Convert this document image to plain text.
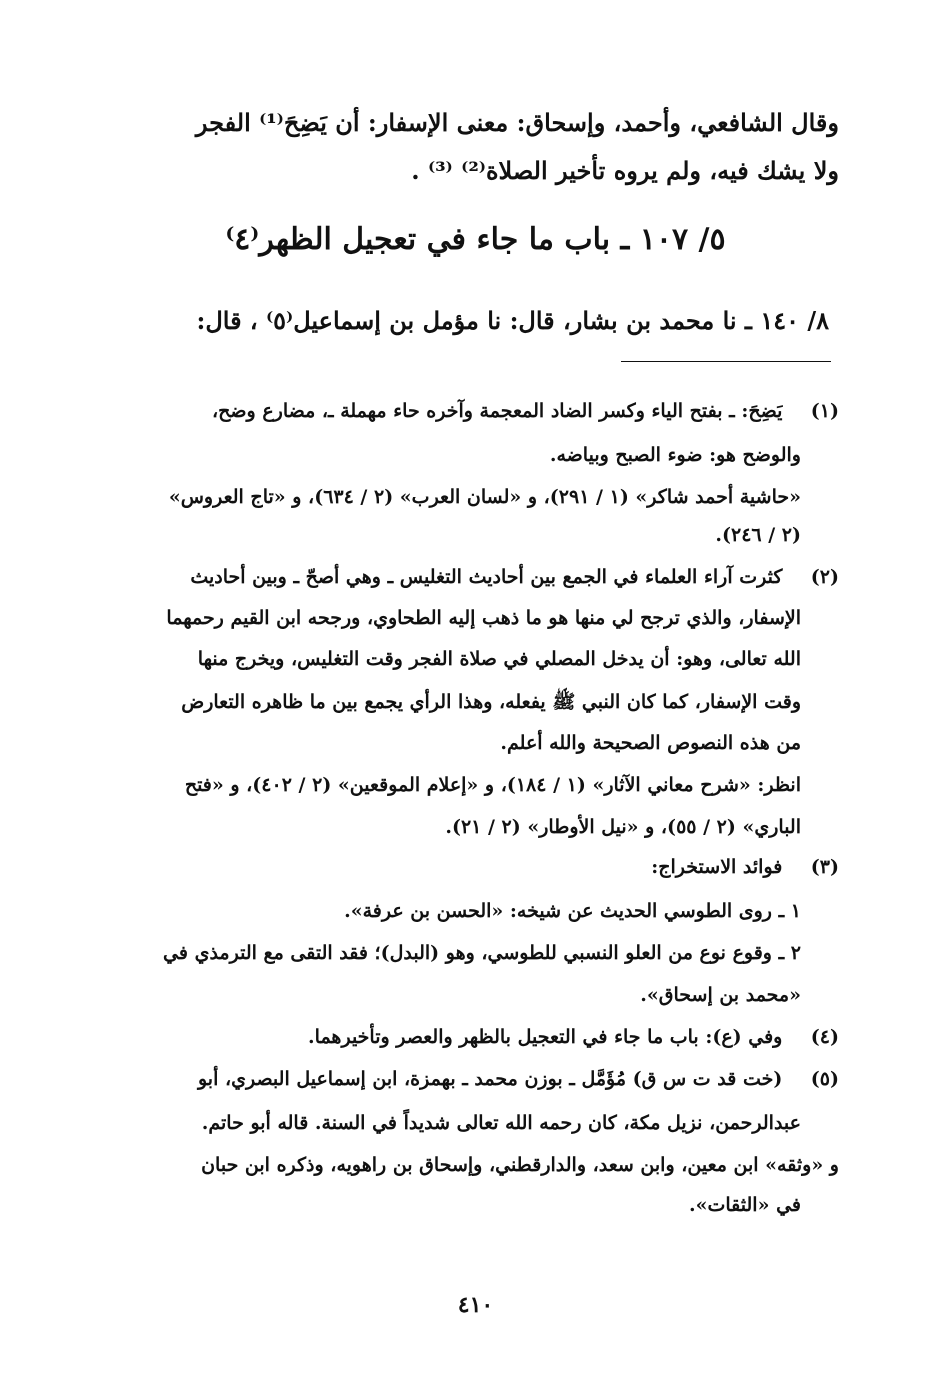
وقال الشافعي، وأحمد، وإسحاق: معنى الإسفار: أن يَضِحَ⁽¹⁾ الفجر
ولا يشك فيه، ولم يروه تأخير الصلاة⁽²⁾ ⁽³⁾ .
٥/ ١٠٧ ـ باب ما جاء في تعجيل الظهر⁽٤⁾
٨/ ١٤٠ ـ نا محمد بن بشار، قال: نا مؤمل بن إسماعيل⁽٥⁾ ، قال:
(١) يَضِحَ: ـ بفتح الياء وكسر الضاد المعجمة وآخره حاء مهملة ـ، مضارع وضح،
والوضح هو: ضوء الصبح وبياضه.
«حاشية أحمد شاكر» (١ / ٢٩١)، و «لسان العرب» (٢ / ٦٣٤)، و «تاج العروس»
(٢ / ٢٤٦).
(٢) كثرت آراء العلماء في الجمع بين أحاديث التغليس ـ وهي أصحّ ـ وبين أحاديث
الإسفار، والذي ترجح لي منها هو ما ذهب إليه الطحاوي، ورجحه ابن القيم رحمهما
الله تعالى، وهو: أن يدخل المصلي في صلاة الفجر وقت التغليس، ويخرج منها
وقت الإسفار، كما كان النبي ﷺ يفعله، وهذا الرأي يجمع بين ما ظاهره التعارض
من هذه النصوص الصحيحة والله أعلم.
انظر: «شرح معاني الآثار» (١ / ١٨٤)، و «إعلام الموقعين» (٢ / ٤٠٢)، و «فتح
الباري» (٢ / ٥٥)، و «نيل الأوطار» (٢ / ٢١).
(٣) فوائد الاستخراج:
١ ـ روى الطوسي الحديث عن شيخه: «الحسن بن عرفة».
٢ ـ وقوع نوع من العلو النسبي للطوسي، وهو (البدل)؛ فقد التقى مع الترمذي في
«محمد بن إسحاق».
(٤) وفي (ع): باب ما جاء في التعجيل بالظهر والعصر وتأخيرهما.
(٥) (خت قد ت س ق) مُؤَمَّل ـ بوزن محمد ـ بهمزة، ابن إسماعيل البصري، أبو
عبدالرحمن، نزيل مكة، كان رحمه الله تعالى شديداً في السنة. قاله أبو حاتم.
و «وثقه» ابن معين، وابن سعد، والدارقطني، وإسحاق بن راهويه، وذكره ابن حبان
في «الثقات».
٤١٠
